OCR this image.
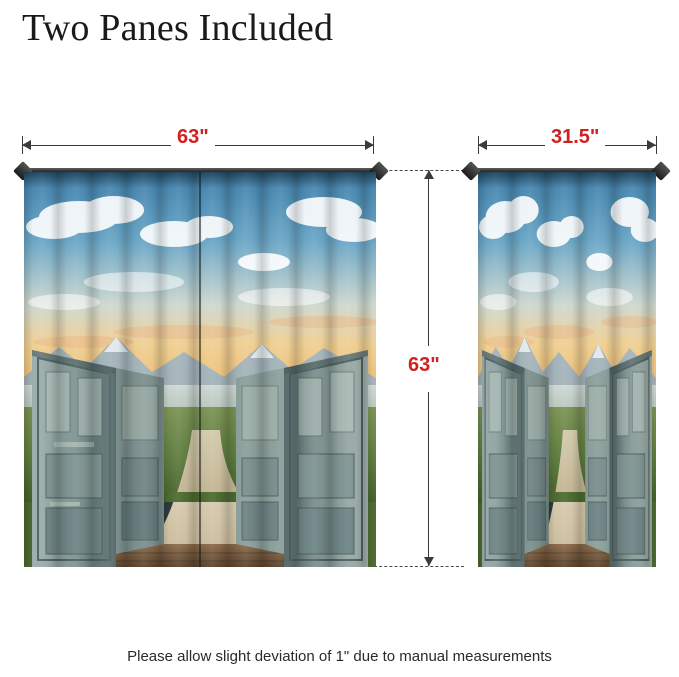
Two Panes Included
63"	31.5"
63"
Please allow slight deviation of 1" due to manual measurements
